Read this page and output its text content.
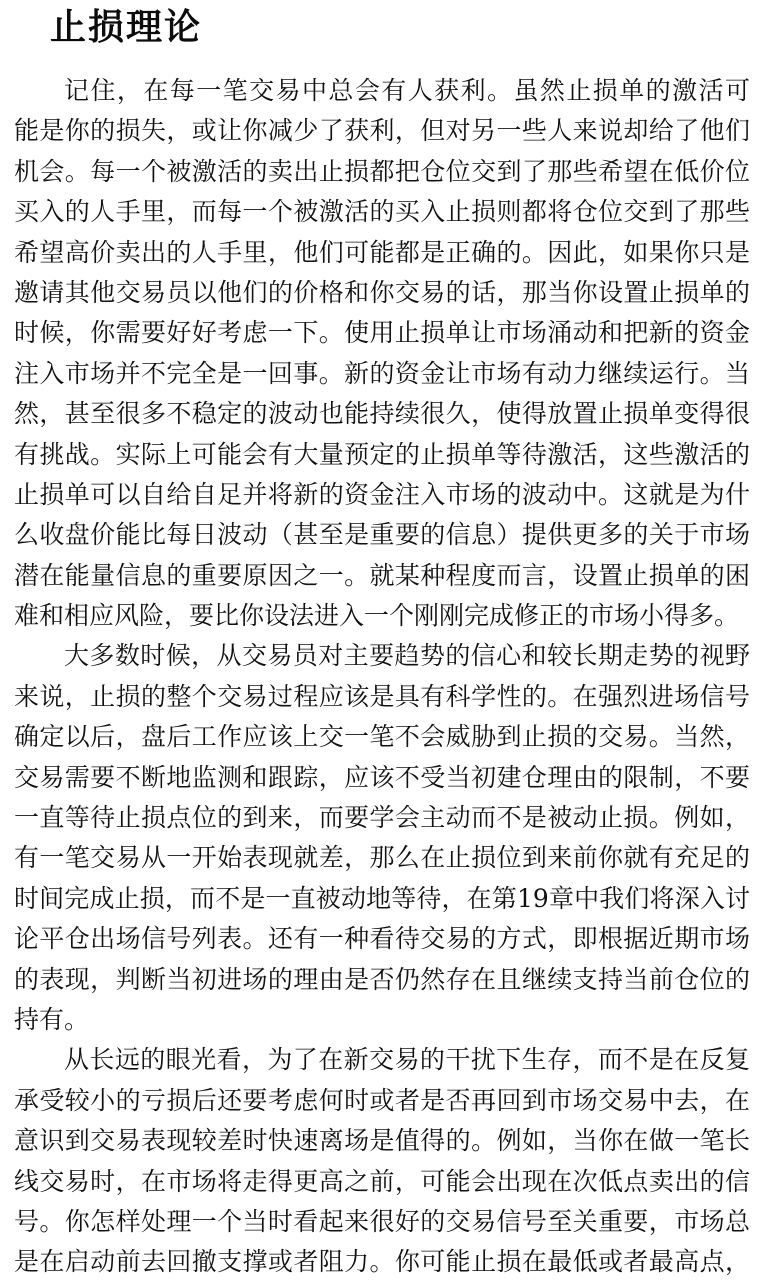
止损理论
记住，在每一笔交易中总会有人获利。虽然止损单的激活可
能是你的损失，或让你减少了获利，但对另一些人来说却给了他们
机会。每一个被激活的卖出止损都把仓位交到了那些希望在低价位
买入的人手里，而每一个被激活的买入止损则都将仓位交到了那些
希望高价卖出的人手里，他们可能都是正确的。因此，如果你只是
邀请其他交易员以他们的价格和你交易的话，那当你设置止损单的
时候，你需要好好考虑一下。使用止损单让市场涌动和把新的资金
注入市场并不完全是一回事。新的资金让市场有动力继续运行。当
然，甚至很多不稳定的波动也能持续很久，使得放置止损单变得很
有挑战。实际上可能会有大量预定的止损单等待激活，这些激活的
止损单可以自给自足并将新的资金注入市场的波动中。这就是为什
么收盘价能比每日波动（甚至是重要的信息）提供更多的关于市场
潜在能量信息的重要原因之一。就某种程度而言，设置止损单的困
难和相应风险，要比你设法进入一个刚刚完成修正的市场小得多。
大多数时候，从交易员对主要趋势的信心和较长期走势的视野
来说，止损的整个交易过程应该是具有科学性的。在强烈进场信号
确定以后，盘后工作应该上交一笔不会威胁到止损的交易。当然，
交易需要不断地监测和跟踪，应该不受当初建仓理由的限制，不要
一直等待止损点位的到来，而要学会主动而不是被动止损。例如，
有一笔交易从一开始表现就差，那么在止损位到来前你就有充足的
时间完成止损，而不是一直被动地等待，在第19章中我们将深入讨
论平仓出场信号列表。还有一种看待交易的方式，即根据近期市场
的表现，判断当初进场的理由是否仍然存在且继续支持当前仓位的
持有。
从长远的眼光看，为了在新交易的干扰下生存，而不是在反复
承受较小的亏损后还要考虑何时或者是否再回到市场交易中去，在
意识到交易表现较差时快速离场是值得的。例如，当你在做一笔长
线交易时，在市场将走得更高之前，可能会出现在次低点卖出的信
号。你怎样处理一个当时看起来很好的交易信号至关重要，市场总
是在启动前去回撤支撑或者阻力。你可能止损在最低或者最高点，
